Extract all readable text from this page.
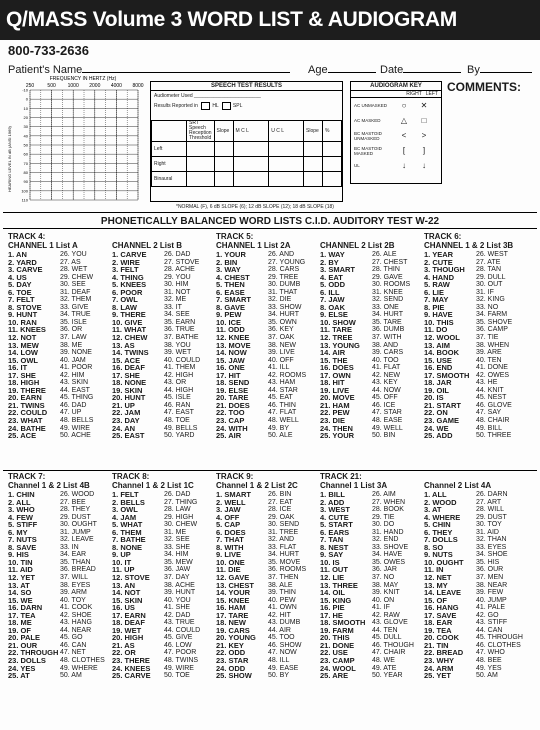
Q/MASS Volume 3 WORD LIST & AUDIOGRAM
800-733-2636
Patient's Name	Age	Date	By
FREQUENCY IN HERTZ (Hz)
250	500 1000 2000 4000 8000
HEARING LEVEL IN dB (ANSI 1969)
-10
0
10
20
30
40
50
60
70
80
90
100
110
SPEECH TEST RESULTS
Audiometer Used ________________________
Results Reported in	HL	SPL
	SRT Speech Reception Threshold	Slope	M C L	U C L	Slope	%
Left						
Right						
Binaural						
*NORMAL (F), 6 dB SLOPE (6); 12 dB SLOPE (12); 18 dB SLOPE (18)
AUDIOGRAM KEY
RIGHT LEFT
AC UNMASKED	○	✕
AC MASKED	△	□
BC MASTOID UNMASKED	<	>
BC MASTOID MASKED	[	]
UL	↓	↓
COMMENTS:
PHONETICALLY BALANCED WORD LISTS C.I.D. AUDITORY TEST W-22
TRACK 4:
CHANNEL 1 List A
1. AN
2. YARD
3. CARVE
4. US
5. DAY
6. TOE
7. FELT
8. STOVE
9. HUNT
10. RAN
11. KNEES
12. NOT
13. MEW
14. LOW
15. OWL
16. IT
17. SHE
18. HIGH
19. THERE
20. EARN
21. TWINS
22. COULD
23. WHAT
24. BATHE
25. ACE
26. YOU
27. AS
28. WET
29. CHEW
30. SEE
31. DEAF
32. THEM
33. GIVE
34. TRUE
35. ISLE
36. OR
37. LAW
38. ME
39. NONE
40. JAM
41. POOR
42. HIM
43. SKIN
44. EAST
45. THING
46. DAD
47. UP
48. BELLS
49. WIRE
50. ACHE

CHANNEL 2 List B
1. CARVE
2. WIRE
3. FELT
4. THING
5. KNEES
6. POOR
7. OWL
8. LAW
9. THERE
10. GIVE
11. WHAT
12. CHEW
13. AS
14. TWINS
15. ACE
16. DEAF
17. SHE
18. NONE
19. SKIN
20. HUNT
21. UP
22. JAM
23. DAY
24. AN
25. EAST
26. DAD
27. STOVE
28. ACHE
29. YOU
30. HIM
31. NOT
32. ME
33. IT
34. SEE
35. EARN
36. TRUE
37. BATHE
38. YOU
39. WET
40. COULD
41. THEM
42. HIGH
43. OR
44. HIGH
45. ISLE
46. RAN
47. EAST
48. TOE
49. BELLS
50. YARD
TRACK 5:
CHANNEL 1 List 2A
1. YOUR
2. BIN
3. WAY
4. CHEST
5. THEN
6. EASE
7. SMART
8. GAVE
9. PEW
10. ICE
11. ODD
12. KNEE
13. MOVE
14. NOW
15. JAW
16. ONE
17. HIT
18. SEND
19. ELSE
20. TARE
21. DOES
22. TOO
23. CAP
24. WITH
25. AIR
26. AND
27. YOUNG
28. CARS
29. TREE
30. DUMB
31. THAT
32. DIE
33. SHOW
34. HURT
35. OWN
36. KEY
37. OAK
38. NEW
39. LIVE
40. OFF
41. ILL
42. ROOMS
43. HAM
44. STAR
45. EAT
46. THIN
47. FLAT
48. WELL
49. BY
50. ALE

CHANNEL 2 List 2B
1. WAY
2. BY
3. SMART
4. EAT
5. ODD
6. ILL
7. JAW
8. OAK
9. ELSE
10. SHOW
11. TARE
12. TREE
13. YOUNG
14. AIR
15. THE
16. DOES
17. OWN
18. HIT
19. LIVE
20. MOVE
21. HAM
22. PEW
23. DIE
24. THEN
25. YOUR
26. ALE
27. CHEST
28. THIN
29. GAVE
30. ROOMS
31. KNEE
32. SEND
33. ONE
34. HURT
35. TARE
36. DUMB
37. WITH
38. AND
39. CARS
40. TOO
41. FLAT
42. NEW
43. KEY
44. NOW
45. OFF
46. ICE
47. STAR
48. EASE
49. WELL
50. BIN
TRACK 6:
CHANNEL 1 & 2 List 3B
1. YEAR
2. CUTE
3. THOUGH
4. HAND
5. RAW
6. LIE
7. MAY
8. PIE
9. HAVE
10. THIS
11. DO
12. WOOL
13. AIM
14. BOOK
15. USE
16. END
17. SMOOTH
18. JAR
19. OIL
20. IS
21. START
22. ON
23. GAME
24. WE
25. ADD
26. WEST
27. ATE
28. TAN
29. DULL
30. OUT
31. IF
32. KING
33. NO
34. FARM
35. SHOVE
36. CAMP
37. TIE
38. WHEN
39. ARE
40. TEN
41. DONE
42. OWES
43. HE
44. KNIT
45. NEST
46. GLOVE
47. SAY
48. CHAIR
49. BILL
50. THREE
TRACK 7:
Channel 1 & 2 List 4B
1. CHIN
2. ALL
3. WHO
4. FEW
5. STIFF
6. MY
7. NUTS
8. SAVE
9. HIS
10. TIN
11. AID
12. YET
13. AT
14. SO
15. WE
16. DARN
17. TEA
18. ME
19. OF
20. PALE
21. OUR
22. THROUGH
23. DOLLS
24. YES
25. AT
26. WOOD
27. BEE
28. THEY
29. DUST
30. OUGHT
31. JUMP
32. LEAVE
33. IN
34. EAR
35. THAN
36. BREAD
37. WILL
38. EYES
39. ARM
40. TOY
41. COOK
42. SHOE
43. HANG
44. NEAR
45. GO
46. CAN
47. NET
48. CLOTHES
49. WHERE
50. AM
TRACK 8:
Channel 1 & 2 List 1C
1. FELT
2. BELLS
3. OWL
4. JAM
5. WHAT
6. THEM
7. BATHE
8. NONE
9. UP
10. IT
11. UP
12. STOVE
13. AN
14. NOT
15. SKIN
16. US
17. EARN
18. DEAF
19. WET
20. HIGH
21. AS
22. OR
23. THERE
24. KNEES
25. CARVE
26. DAD
27. THING
28. LAW
29. HIGH
30. CHEW
31. ME
32. SEE
33. SHE
34. HIM
35. MEW
36. JAW
37. DAY
38. ACHE
39. HUNT
40. YOU
41. SHE
42. DAD
43. TRUE
44. COULD
45. GIVE
46. LOW
47. POOR
48. TWINS
49. WIRE
50. TOE
TRACK 9:
Channel 1 & 2 List 2C
1. SMART
2. WELL
3. JAW
4. OFF
5. CAP
6. DOES
7. THAT
8. WITH
9. LIVE
10. ONE
11. DIE
12. GAVE
13. CHEST
14. YOUR
15. KNEE
16. HAM
17. TARE
18. NEW
19. CARS
20. YOUNG
21. KEY
22. ODD
23. STAR
24. ODD
25. SHOW
26. BIN
27. EAT
28. ICE
29. OAK
30. SEND
31. TREE
32. AND
33. FLAT
34. HURT
35. MOVE
36. ROOMS
37. THEN
38. ALE
39. THIN
40. PEW
41. OWN
42. HIT
43. DUMB
44. AIR
45. TOO
46. SHOW
47. NOW
48. ILL
49. EASE
50. BY
TRACK 21:
Channel 1 List 3A
1. BILL
2. ADD
3. WEST
4. CUTE
5. START
6. EARS
7. TAN
8. NEST
9. SAY
10. IS
11. OUT
12. LIE
13. THREE
14. OIL
15. KING
16. PIE
17. HE
18. SMOOTH
19. FARM
20. THIS
21. DONE
22. USE
23. CAMP
24. WOOL
25. ARE
26. AIM
27. WHEN
28. BOOK
29. TIE
30. DO
31. HAND
32. END
33. SHOVE
34. HAVE
35. OWES
36. JAR
37. NO
38. MAY
39. KNIT
40. ON
41. IF
42. RAW
43. GLOVE
44. TEN
45. DULL
46. THOUGH
47. CHAIR
48. WE
49. ATE
50. YEAR

Channel 2 List 4A
1. ALL
2. WOOD
3. AT
4. WHERE
5. CHIN
6. THEY
7. DOLLS
8. SO
9. NUTS
10. OUGHT
11. IN
12. NET
13. MY
14. LEAVE
15. OF
16. HANG
17. SAVE
18. EAR
19. TEA
20. COOK
21. TIN
22. BREAD
23. WHY
24. ARM
25. YET
26. DARN
27. ART
28. WILL
29. DUST
30. TOY
31. AID
32. THAN
33. EYES
34. SHOE
35. HIS
36. OUR
37. MEN
38. NEAR
39. FEW
40. JUMP
41. PALE
42. GO
43. STIFF
44. CAN
45. THROUGH
46. CLOTHES
47. WHO
48. BEE
49. YES
50. AM
